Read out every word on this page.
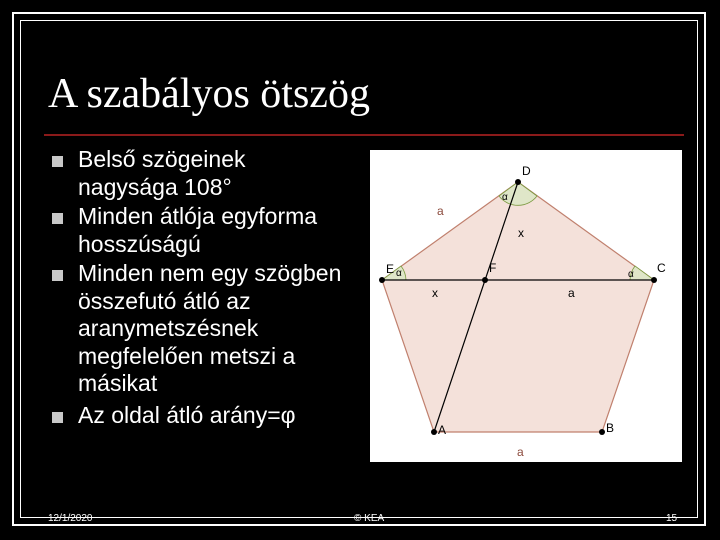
A szabályos ötszög
Belső szögeinek nagysága 108°
Minden átlója egyforma hosszúságú
Minden nem egy szögben összefutó átló az aranymetszésnek megfelelően metszi a másikat
Az oldal átló arány=φ
D
E	F	C
A	B
a
x
x	a
a
α
α	α
12/1/2020	© KEA	15
